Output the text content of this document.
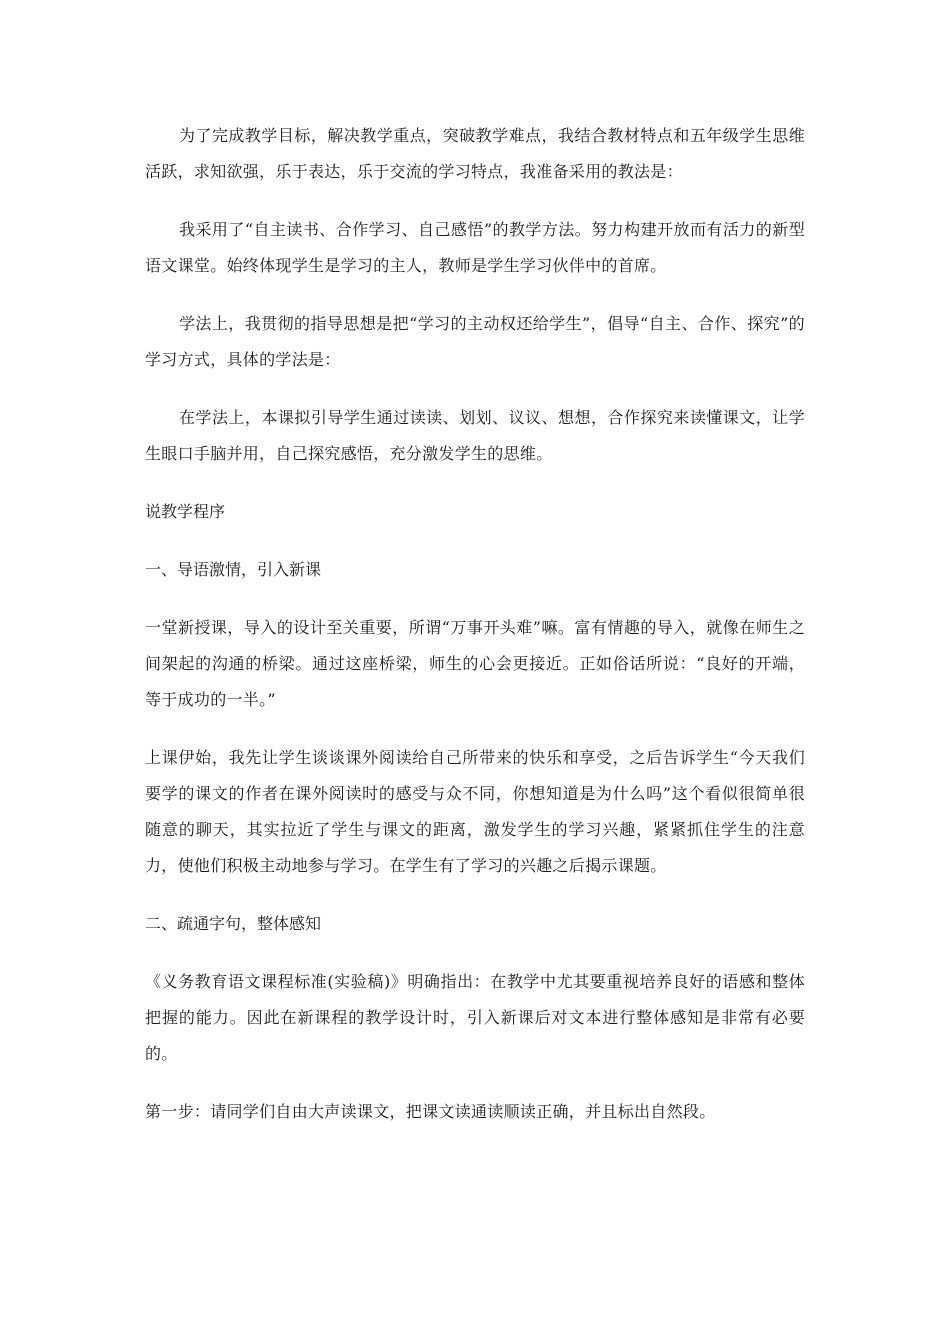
为了完成教学目标，解决教学重点，突破教学难点，我结合教材特点和五年级学生思维活跃，求知欲强，乐于表达，乐于交流的学习特点，我准备采用的教法是：

我采用了“自主读书、合作学习、自己感悟”的教学方法。努力构建开放而有活力的新型语文课堂。始终体现学生是学习的主人，教师是学生学习伙伴中的首席。

学法上，我贯彻的指导思想是把“学习的主动权还给学生”，倡导“自主、合作、探究”的学习方式，具体的学法是：

在学法上，本课拟引导学生通过读读、划划、议议、想想，合作探究来读懂课文，让学生眼口手脑并用，自己探究感悟，充分激发学生的思维。

说教学程序

一、导语激情，引入新课

一堂新授课，导入的设计至关重要，所谓“万事开头难”嘛。富有情趣的导入，就像在师生之间架起的沟通的桥梁。通过这座桥梁，师生的心会更接近。正如俗话所说：“良好的开端，等于成功的一半。”

上课伊始，我先让学生谈谈课外阅读给自己所带来的快乐和享受，之后告诉学生“今天我们要学的课文的作者在课外阅读时的感受与众不同，你想知道是为什么吗”这个看似很简单很随意的聊天，其实拉近了学生与课文的距离，激发学生的学习兴趣，紧紧抓住学生的注意力，使他们积极主动地参与学习。在学生有了学习的兴趣之后揭示课题。

二、疏通字句，整体感知

《义务教育语文课程标准(实验稿)》明确指出：在教学中尤其要重视培养良好的语感和整体把握的能力。因此在新课程的教学设计时，引入新课后对文本进行整体感知是非常有必要的。

第一步：请同学们自由大声读课文，把课文读通读顺读正确，并且标出自然段。
